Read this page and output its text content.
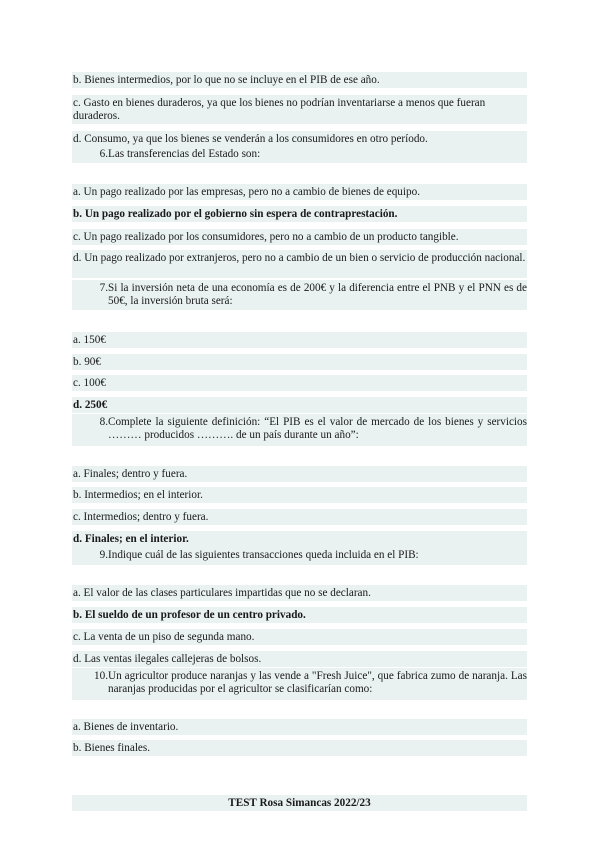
b. Bienes intermedios, por lo que no se incluye en el PIB de ese año.
c. Gasto en bienes duraderos, ya que los bienes no podrían inventariarse a menos que fueran duraderos.
d. Consumo, ya que los bienes se venderán a los consumidores en otro período.
6. Las transferencias del Estado son:
a. Un pago realizado por las empresas, pero no a cambio de bienes de equipo.
b. Un pago realizado por el gobierno sin espera de contraprestación.
c. Un pago realizado por los consumidores, pero no a cambio de un producto tangible.
d. Un pago realizado por extranjeros, pero no a cambio de un bien o servicio de producción nacional.
7. Si la inversión neta de una economía es de 200€ y la diferencia entre el PNB y el PNN es de 50€, la inversión bruta será:
a. 150€
b. 90€
c. 100€
d. 250€
8. Complete la siguiente definición: “El PIB es el valor de mercado de los bienes y servicios ……… producidos ………. de un país durante un año”:
a. Finales; dentro y fuera.
b. Intermedios; en el interior.
c. Intermedios; dentro y fuera.
d. Finales; en el interior.
9. Indique cuál de las siguientes transacciones queda incluida en el PIB:
a. El valor de las clases particulares impartidas que no se declaran.
b. El sueldo de un profesor de un centro privado.
c. La venta de un piso de segunda mano.
d. Las ventas ilegales callejeras de bolsos.
10. Un agricultor produce naranjas y las vende a "Fresh Juice", que fabrica zumo de naranja. Las naranjas producidas por el agricultor se clasificarían como:
a. Bienes de inventario.
b. Bienes finales.
TEST Rosa Simancas 2022/23
